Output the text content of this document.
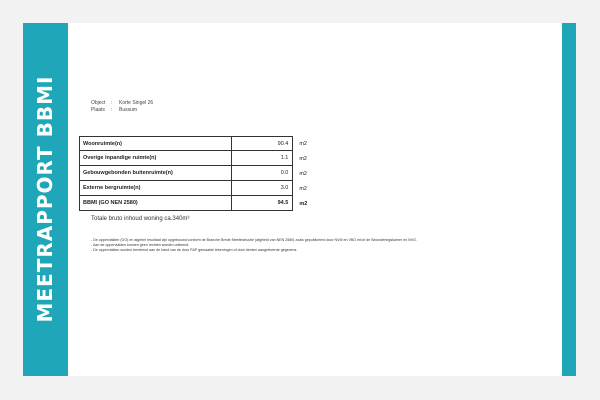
MEETRAPPORT BBMI	Object	:	Korte Singel 26
Plaats	:	Bussum
Woonruimte(n)	90.4	m2
Overige inpandige ruimte(n)	1.1	m2
Gebouwgebonden buitenruimte(n)	0.0	m2
Externe bergruimte(n)	3.0	m2
BBMI (GO NEN 2580)	94.5	m2
Totale bruto inhoud woning ca.340m³
- De oppervlakten (GO) en algehel resultaat zijn opgebouwd conform de Branche Brede Meetinstructie (afgeleid van NEN 2580) zoals gepubliceerd door NVM en VBO en/of de Woonderingskamer en NVG.
- Aan de oppervlakten kunnen geen rechten worden ontleend.
- De oppervlakten worden berekend aan de hand van de door P&P gemaakte tekeningen of door derden aangeleverde gegevens.
